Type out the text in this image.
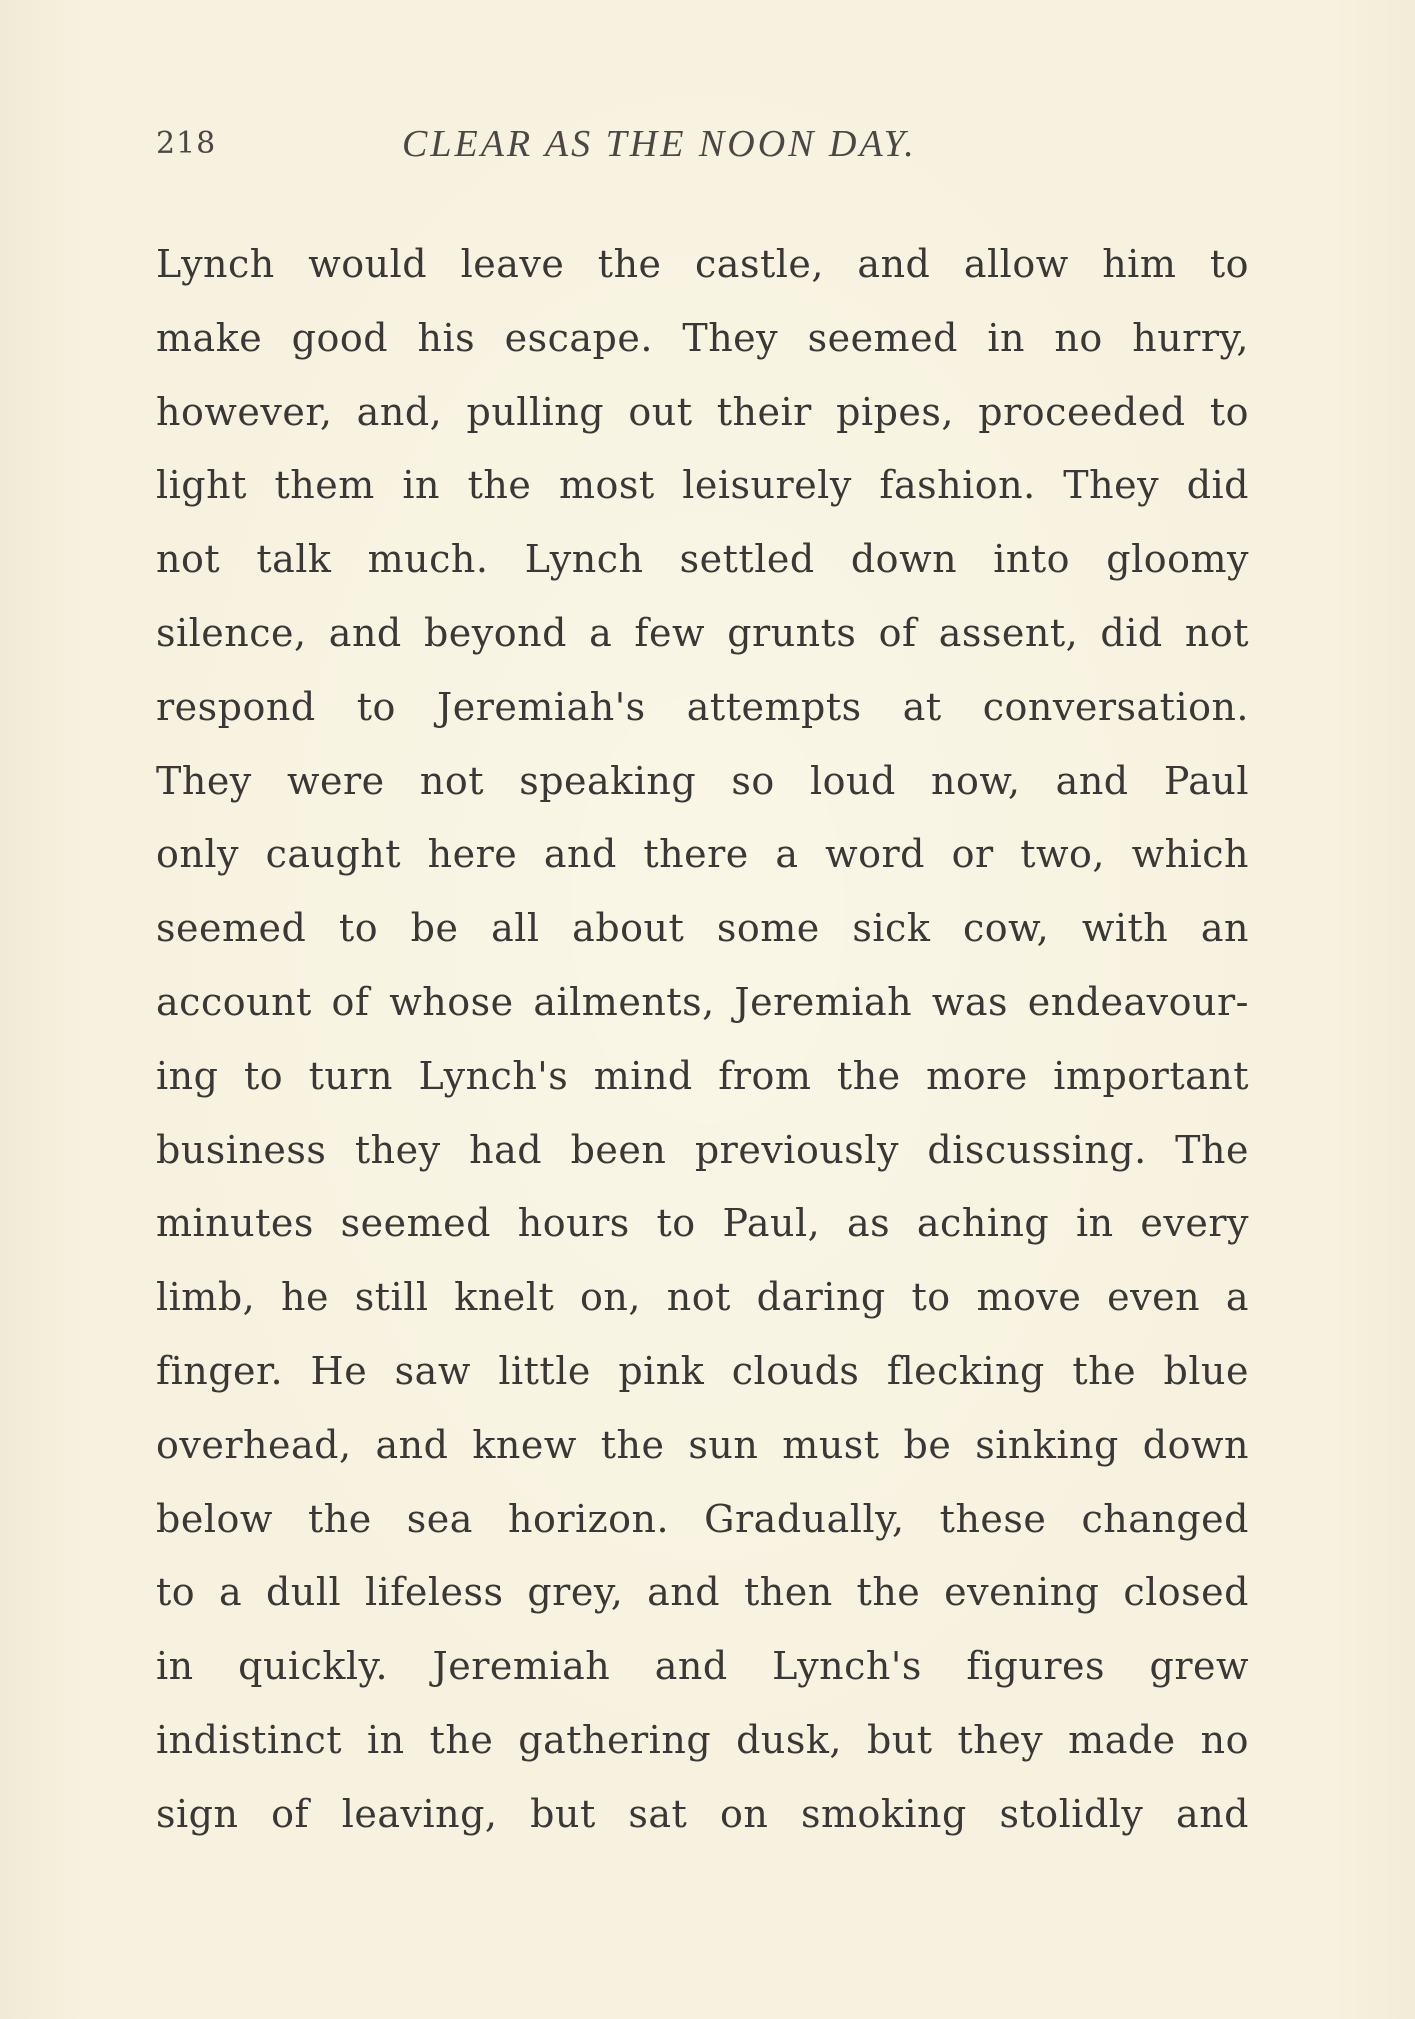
218	CLEAR AS THE NOON DAY.
Lynch would leave the castle, and allow him to
make good his escape. They seemed in no hurry,
however, and, pulling out their pipes, proceeded to
light them in the most leisurely fashion. They did
not talk much. Lynch settled down into gloomy
silence, and beyond a few grunts of assent, did not
respond to Jeremiah's attempts at conversation.
They were not speaking so loud now, and Paul
only caught here and there a word or two, which
seemed to be all about some sick cow, with an
account of whose ailments, Jeremiah was endeavour-
ing to turn Lynch's mind from the more important
business they had been previously discussing. The
minutes seemed hours to Paul, as aching in every
limb, he still knelt on, not daring to move even a
finger. He saw little pink clouds flecking the blue
overhead, and knew the sun must be sinking down
below the sea horizon. Gradually, these changed
to a dull lifeless grey, and then the evening closed
in quickly. Jeremiah and Lynch's figures grew
indistinct in the gathering dusk, but they made no
sign of leaving, but sat on smoking stolidly and
